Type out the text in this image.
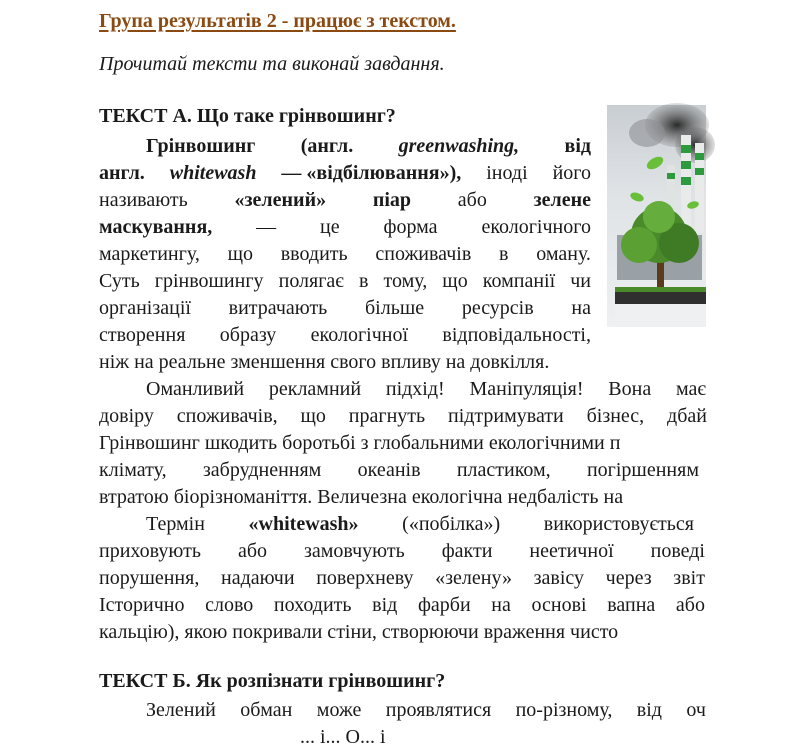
Група результатів 2 - працює з текстом.
Прочитай тексти та виконай завдання.
ТЕКСТ А. Що таке грінвошинг?
Грінвошинг (англ. greenwashing, від
англ. whitewash — «відбілювання»), іноді його
називають «зелений» піар або зелене
маскування, — це форма екологічного
маркетингу, що вводить споживачів в оману.
Суть грінвошингу полягає в тому, що компанії чи
організації витрачають більше ресурсів на
створення образу екологічної відповідальності,
ніж на реальне зменшення свого впливу на довкілля.
Оманливий рекламний підхід! Маніпуляція! Вона має
довіру споживачів, що прагнуть підтримувати бізнес, дбай
Грінвошинг шкодить боротьбі з глобальними екологічними п
клімату, забрудненням океанів пластиком, погіршенням
втратою біорізноманіття. Величезна екологічна недбалість на
Термін «whitewash» («побілка») використовується
приховують або замовчують факти неетичної поведі
порушення, надаючи поверхневу «зелену» завісу через звіт
Історично слово походить від фарби на основі вапна або
кальцію), якою покривали стіни, створюючи враження чисто
ТЕКСТ Б. Як розпізнати грінвошинг?
Зелений обман може проявлятися по-різному, від оч
... і... О... і
